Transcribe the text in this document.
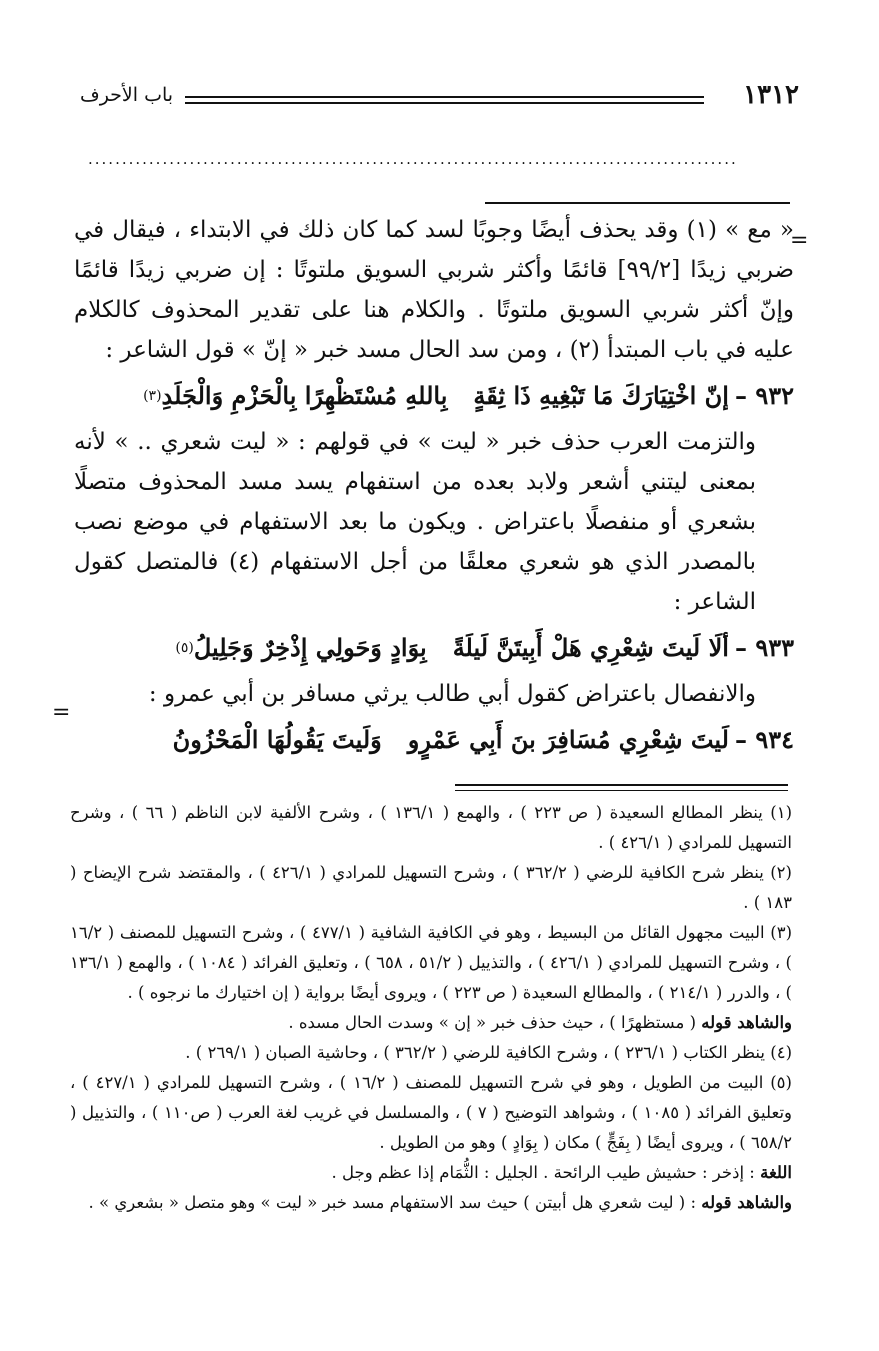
١٣١٢
باب الأحرف
................................................................................................
=

« مع » (١) وقد يحذف أيضًا وجوبًا لسد كما كان ذلك في الابتداء ، فيقال في ضربي زيدًا [٩٩/٢] قائمًا وأكثر شربي السويق ملتوتًا : إن ضربي زيدًا قائمًا وإنّ أكثر شربي السويق ملتوتًا . والكلام هنا على تقدير المحذوف كالكلام عليه في باب المبتدأ (٢) ، ومن سد الحال مسد خبر « إنّ » قول الشاعر :

٩٣٢ –
إنّ اخْتِيَارَكَ مَا تَبْغِيهِ ذَا ثِقَةٍ
بِاللهِ مُسْتَظْهِرًا بِالْحَزْمِ وَالْجَلَدِ
(٣)

والتزمت العرب حذف خبر « ليت » في قولهم : « ليت شعري .. » لأنه بمعنى ليتني أشعر ولابد بعده من استفهام يسد مسد المحذوف متصلًا بشعري أو منفصلًا باعتراض . ويكون ما بعد الاستفهام في موضع نصب بالمصدر الذي هو شعري معلقًا من أجل الاستفهام (٤) فالمتصل كقول الشاعر :

٩٣٣ –
ألَا لَيتَ شِعْرِي هَلْ أَبِيتَنَّ لَيلَةً
بِوَادٍ وَحَولِي إِذْخِرٌ وَجَلِيلُ
(٥)

والانفصال باعتراض كقول أبي طالب يرثي مسافر بن أبي عمرو :

٩٣٤ –
لَيتَ شِعْرِي مُسَافِرَ بنَ أَبِي عَمْرٍو
وَلَيتَ يَقُولُهَا الْمَحْزُونُ
=

(١) ينظر المطالع السعيدة ( ص ٢٢٣ ) ، والهمع ( ١٣٦/١ ) ، وشرح الألفية لابن الناظم ( ٦٦ ) ، وشرح التسهيل للمرادي ( ٤٢٦/١ ) .

(٢) ينظر شرح الكافية للرضي ( ٣٦٢/٢ ) ، وشرح التسهيل للمرادي ( ٤٢٦/١ ) ، والمقتضد شرح الإيضاح ( ١٨٣ ) .

(٣) البيت مجهول القائل من البسيط ، وهو في الكافية الشافية ( ٤٧٧/١ ) ، وشرح التسهيل للمصنف ( ١٦/٢ ) ، وشرح التسهيل للمرادي ( ٤٢٦/١ ) ، والتذييل ( ٥١/٢ ، ٦٥٨ ) ، وتعليق الفرائد ( ١٠٨٤ ) ، والهمع ( ١٣٦/١ ) ، والدرر ( ٢١٤/١ ) ، والمطالع السعيدة ( ص ٢٢٣ ) ، ويروى أيضًا برواية ( إن اختيارك ما نرجوه ) .

والشاهد قوله ( مستظهرًا ) ، حيث حذف خبر « إن » وسدت الحال مسده .

(٤) ينظر الكتاب ( ٢٣٦/١ ) ، وشرح الكافية للرضي ( ٣٦٢/٢ ) ، وحاشية الصبان ( ٢٦٩/١ ) .

(٥) البيت من الطويل ، وهو في شرح التسهيل للمصنف ( ١٦/٢ ) ، وشرح التسهيل للمرادي ( ٤٢٧/١ ) ، وتعليق الفرائد ( ١٠٨٥ ) ، وشواهد التوضيح ( ٧ ) ، والمسلسل في غريب لغة العرب ( ص١١٠ ) ، والتذييل ( ٦٥٨/٢ ) ، ويروى أيضًا ( بِفَجٍّ ) مكان ( بِوَادٍ ) وهو من الطويل .

اللغة : إذخر : حشيش طيب الرائحة . الجليل : الثُّمَام إذا عظم وجل .

والشاهد قوله : ( ليت شعري هل أبيتن ) حيث سد الاستفهام مسد خبر « ليت » وهو متصل « بشعري » .
